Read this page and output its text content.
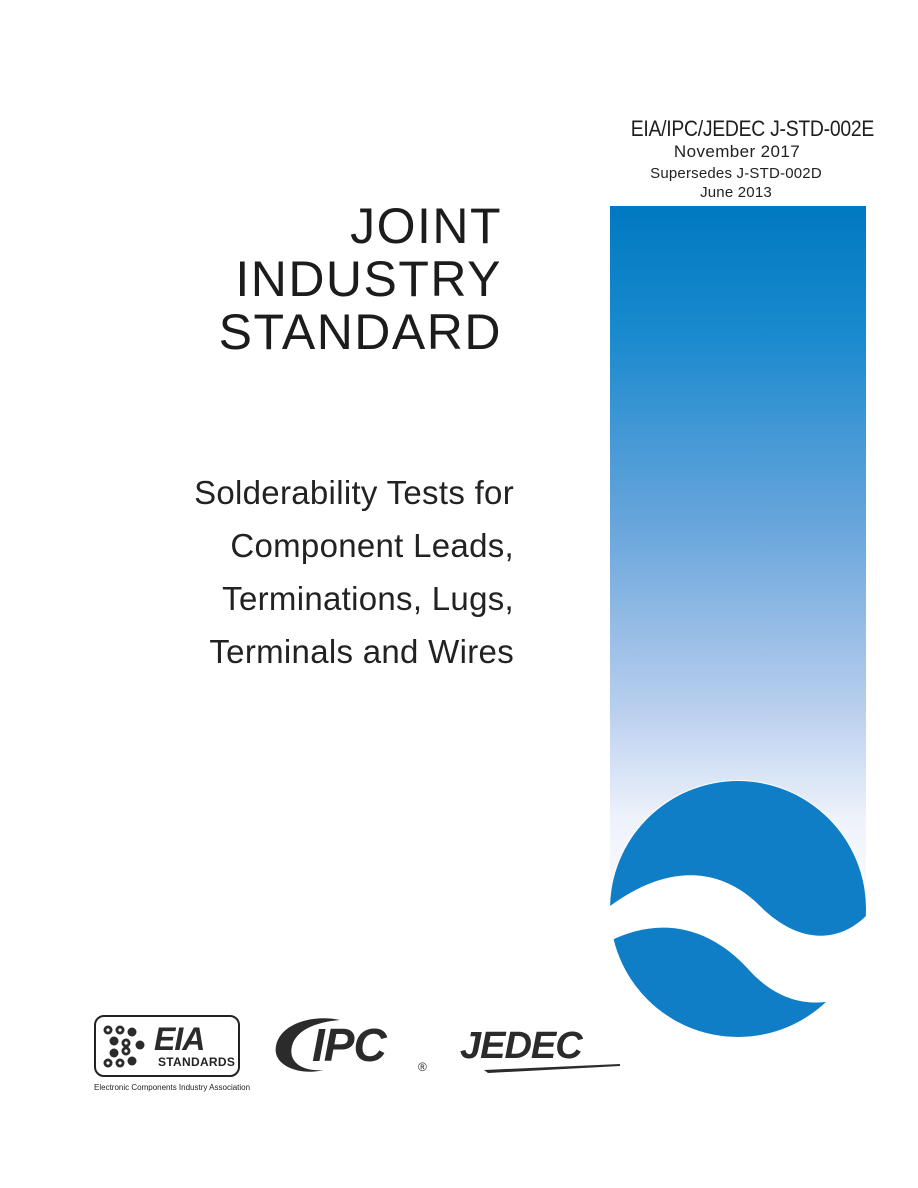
EIA/IPC/JEDEC J-STD-002E
November 2017
Supersedes J-STD-002D
June 2013
JOINT
INDUSTRY
STANDARD
Solderability Tests for
Component Leads,
Terminations, Lugs,
Terminals and Wires
EIA
STANDARDS
Electronic Components Industry Association
IPC	® JEDEC
